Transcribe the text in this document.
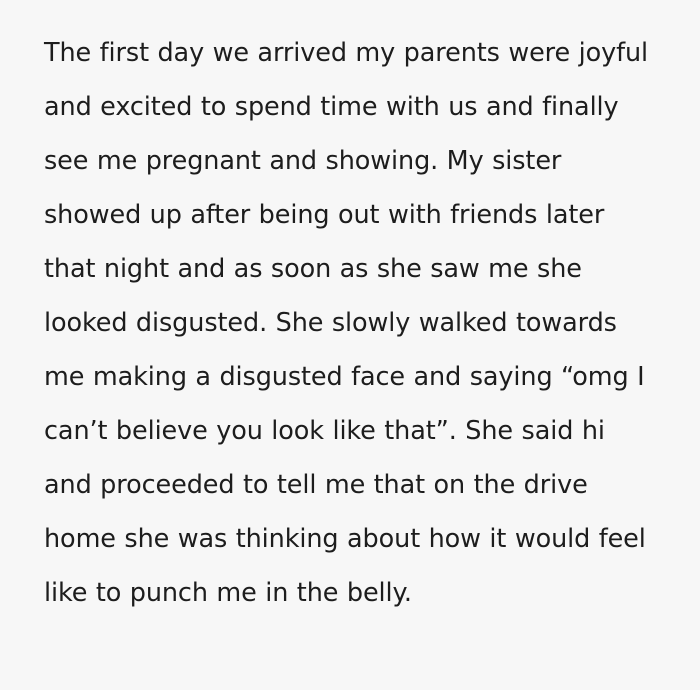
The first day we arrived my parents were joyful and excited to spend time with us and finally see me pregnant and showing. My sister showed up after being out with friends later that night and as soon as she saw me she looked disgusted. She slowly walked towards me making a disgusted face and saying “omg I can’t believe you look like that”. She said hi and proceeded to tell me that on the drive home she was thinking about how it would feel like to punch me in the belly.
